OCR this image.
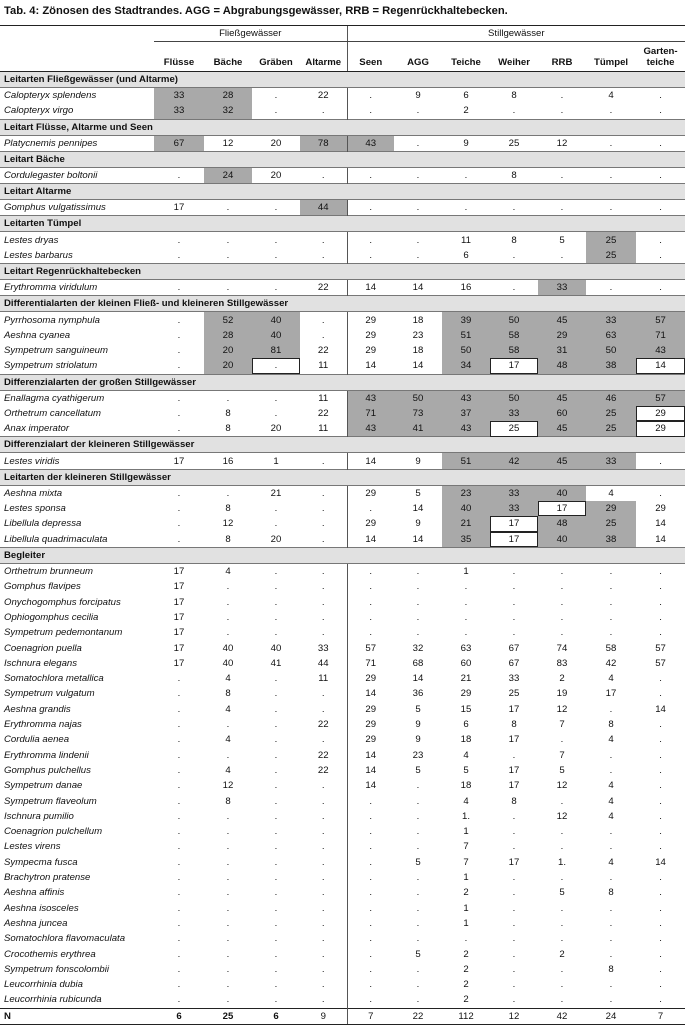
Tab. 4: Zönosen des Stadtrandes. AGG = Abgrabungsgewässer, RRB = Regenrückhaltebecken.
	Fließgewässer				Stillgewässer						
	Flüsse	Bäche	Gräben	Altarme	Seen	AGG	Teiche	Weiher	RRB	Tümpel	Garten-
teiche
Leitarten Fließgewässer (und Altarme)											
Calopteryx splendens	33	28	.	22	.	9	6	8	.	4	.
Calopteryx virgo	33	32	.	.	.	.	2	.	.	.	.
Leitart Flüsse, Altarme und Seen											
Platycnemis pennipes	67	12	20	78	43	.	9	25	12	.	.
Leitart Bäche											
Cordulegaster boltonii	.	24	20	.	.	.	.	8	.	.	.
Leitart Altarme											
Gomphus vulgatissimus	17	.	.	44	.	.	.	.	.	.	.
Leitarten Tümpel											
Lestes dryas	.	.	.	.	.	.	11	8	5	25	.
Lestes barbarus	.	.	.	.	.	.	6	.	.	25	.
Leitart Regenrückhaltebecken											
Erythromma viridulum	.	.	.	22	14	14	16	.	33	.	.
Differentialarten der kleinen Fließ- und kleineren Stillgewässer											
Pyrrhosoma nymphula	.	52	40	.	29	18	39	50	45	33	57
Aeshna cyanea	.	28	40	.	29	23	51	58	29	63	71
Sympetrum sanguineum	.	20	81	22	29	18	50	58	31	50	43
Sympetrum striolatum	.	20	.	11	14	14	34	17	48	38	14
Differenzialarten der großen Stillgewässer											
Enallagma cyathigerum	.	.	.	11	43	50	43	50	45	46	57
Orthetrum cancellatum	.	8	.	22	71	73	37	33	60	25	29
Anax imperator	.	8	20	11	43	41	43	25	45	25	29
Differenzialart der kleineren Stillgewässer											
Lestes viridis	17	16	1	.	14	9	51	42	45	33	.
Leitarten der kleineren Stillgewässer											
Aeshna mixta	.	.	21	.	29	5	23	33	40	4	.
Lestes sponsa	.	8	.	.	.	14	40	33	17	29	29
Libellula depressa	.	12	.	.	29	9	21	17	48	25	14
Libellula quadrimaculata	.	8	20	.	14	14	35	17	40	38	14
Begleiter											
Orthetrum brunneum	17	4	.	.	.	.	1	.	.	.	.
Gomphus flavipes	17	.	.	.	.	.	.	.	.	.	.
Onychogomphus forcipatus	17	.	.	.	.	.	.	.	.	.	.
Ophiogomphus cecilia	17	.	.	.	.	.	.	.	.	.	.
Sympetrum pedemontanum	17	.	.	.	.	.	.	.	.	.	.
Coenagrion puella	17	40	40	33	57	32	63	67	74	58	57
Ischnura elegans	17	40	41	44	71	68	60	67	83	42	57
Somatochlora metallica	.	4	.	11	29	14	21	33	2	4	.
Sympetrum vulgatum	.	8	.	.	14	36	29	25	19	17	.
Aeshna grandis	.	4	.	.	29	5	15	17	12	.	14
Erythromma najas	.	.	.	22	29	9	6	8	7	8	.
Cordulia aenea	.	4	.	.	29	9	18	17	.	4	.
Erythromma lindenii	.	.	.	22	14	23	4	.	7	.	.
Gomphus pulchellus	.	4	.	22	14	5	5	17	5	.	.
Sympetrum danae	.	12	.	.	14	.	18	17	12	4	.
Sympetrum flaveolum	.	8	.	.	.	.	4	8	.	4	.
Ischnura pumilio	.	.	.	.	.	.	1.	.	12	4	.
Coenagrion pulchellum	.	.	.	.	.	.	1	.	.	.	.
Lestes virens	.	.	.	.	.	.	7	.	.	.	.
Sympecma fusca	.	.	.	.	.	5	7	17	1.	4	14
Brachytron pratense	.	.	.	.	.	.	1	.	.	.	.
Aeshna affinis	.	.	.	.	.	.	2	.	5	8	.
Aeshna isosceles	.	.	.	.	.	.	1	.	.	.	.
Aeshna juncea	.	.	.	.	.	.	1	.	.	.	.
Somatochlora flavomaculata	.	.	.	.	.	.	.	.	.	.	.
Crocothemis erythrea	.	.	.	.	.	5	2	.	2	.	.
Sympetrum fonscolombii	.	.	.	.	.	.	2	.	.	8	.
Leucorrhinia dubia	.	.	.	.	.	.	2	.	.	.	.
Leucorrhinia rubicunda	.	.	.	.	.	.	2	.	.	.	.
N	6	25	6	9	7	22	112	12	42	24	7
